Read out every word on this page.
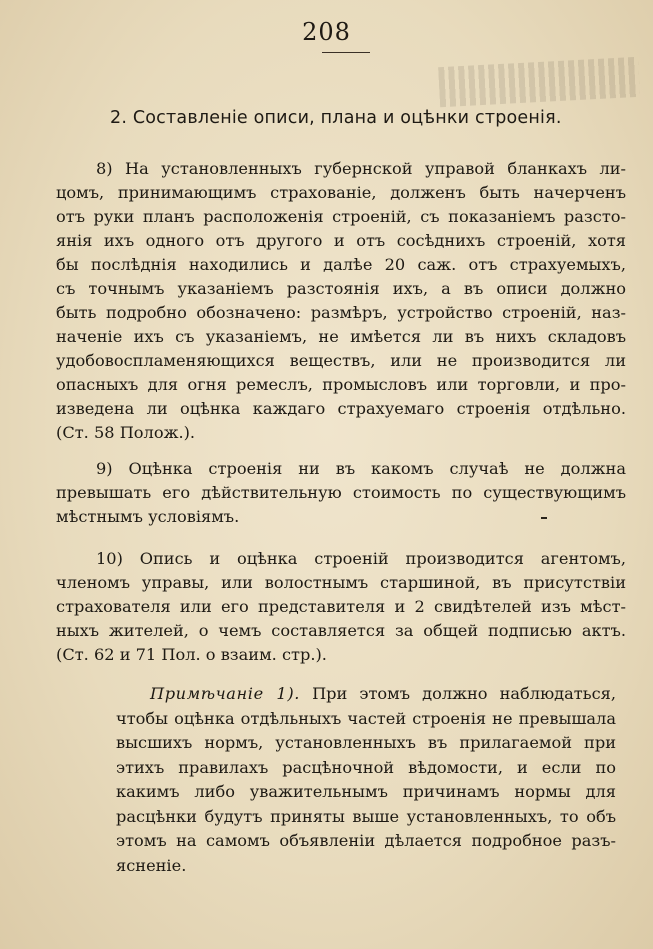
208
2. Составленіе описи, плана и оцѣнки строенія.
8) На установленныхъ губернской управой бланкахъ ли-
цомъ, принимающимъ страхованіе, долженъ быть начерченъ
отъ руки планъ расположенія строеній, съ показаніемъ разсто-
янія ихъ одного отъ другого и отъ сосѣднихъ строеній, хотя
бы послѣднія находились и далѣе 20 саж. отъ страхуемыхъ,
съ точнымъ указаніемъ разстоянія ихъ, а въ описи должно
быть подробно обозначено: размѣръ, устройство строеній, наз-
наченіе ихъ съ указаніемъ, не имѣется ли въ нихъ складовъ
удобовоспламеняющихся веществъ, или не производится ли
опасныхъ для огня ремеслъ, промысловъ или торговли, и про-
изведена ли оцѣнка каждаго страхуемаго строенія отдѣльно.
(Ст. 58 Полож.).
9) Оцѣнка строенія ни въ какомъ случаѣ не должна
превышать его дѣйствительную стоимость по существующимъ
мѣстнымъ условіямъ.
10) Опись и оцѣнка строеній производится агентомъ,
членомъ управы, или волостнымъ старшиной, въ присутствіи
страхователя или его представителя и 2 свидѣтелей изъ мѣст-
ныхъ жителей, о чемъ составляется за общей подписью актъ.
(Ст. 62 и 71 Пол. о взаим. стр.).
Примѣчаніе 1). При этомъ должно наблюдаться,
чтобы оцѣнка отдѣльныхъ частей строенія не превышала
высшихъ нормъ, установленныхъ въ прилагаемой при
этихъ правилахъ расцѣночной вѣдомости, и если по
какимъ либо уважительнымъ причинамъ нормы для
расцѣнки будутъ приняты выше установленныхъ, то объ
этомъ на самомъ объявленіи дѣлается подробное разъ-
ясненіе.
